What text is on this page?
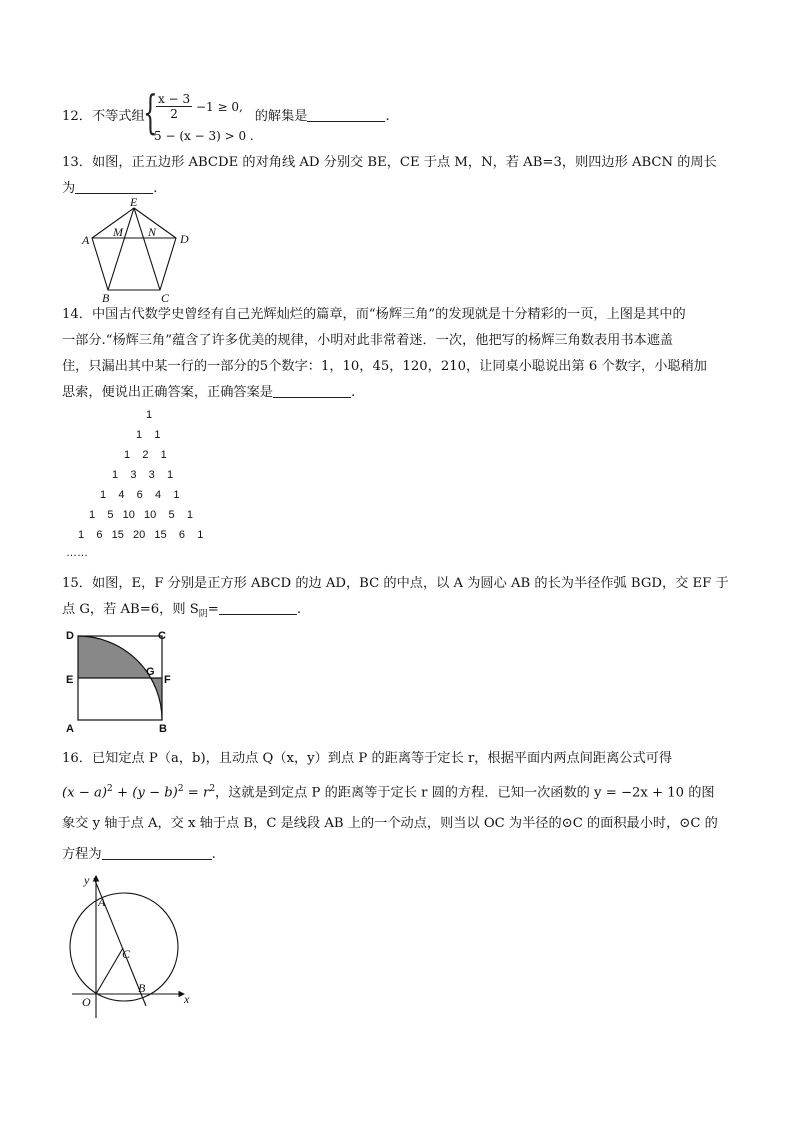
12．不等式组	的解集是	.
{
$\frac{x - 3}{2} -1 \ge 0$,
5 − (x − 3) > 0 .
13．如图，正五边形 ABCDE 的对角线 AD 分别交 BE，CE 于点 M，N，若 AB=3，则四边形 ABCN 的周长
为	.
E
A	D
M N
B	C
14．中国古代数学史曾经有自己光辉灿烂的篇章，而“杨辉三角”的发现就是十分精彩的一页，上图是其中的
一部分.“杨辉三角”蕴含了许多优美的规律，小明对此非常着迷．一次，他把写的杨辉三角数表用书本遮盖
住，只漏出其中某一行的一部分的5个数字：1，10，45，120，210，让同桌小聪说出第 6 个数字，小聪稍加
思索，便说出正确答案，正确答案是	.
1
1    1
1    2    1
1    3    3    1
1    4    6    4    1
1    5   10   10    5    1
1    6   15   20   15    6    1
……
15．如图，E，F 分别是正方形 ABCD 的边 AD，BC 的中点，以 A 为圆心 AB 的长为半径作弧 BGD，交 EF 于
点 G，若 AB=6，则 $S_阴=$	.
D	C
E
G
F
A	B
16．已知定点 P（a，b)，且动点 Q（x，y）到点 P 的距离等于定长 r，根据平面内两点间距离公式可得
$(x - a)^2 + (y - b)^2 = r^2$，这就是到定点 P 的距离等于定长 r 圆的方程．已知一次函数的 y = −2x + 10 的图
象交 y 轴于点 A，交 x 轴于点 B，C 是线段 AB 上的一个动点，则当以 OC 为半径的⊙C 的面积最小时，⊙C 的
方程为	.
y
A
C
B
O	x
